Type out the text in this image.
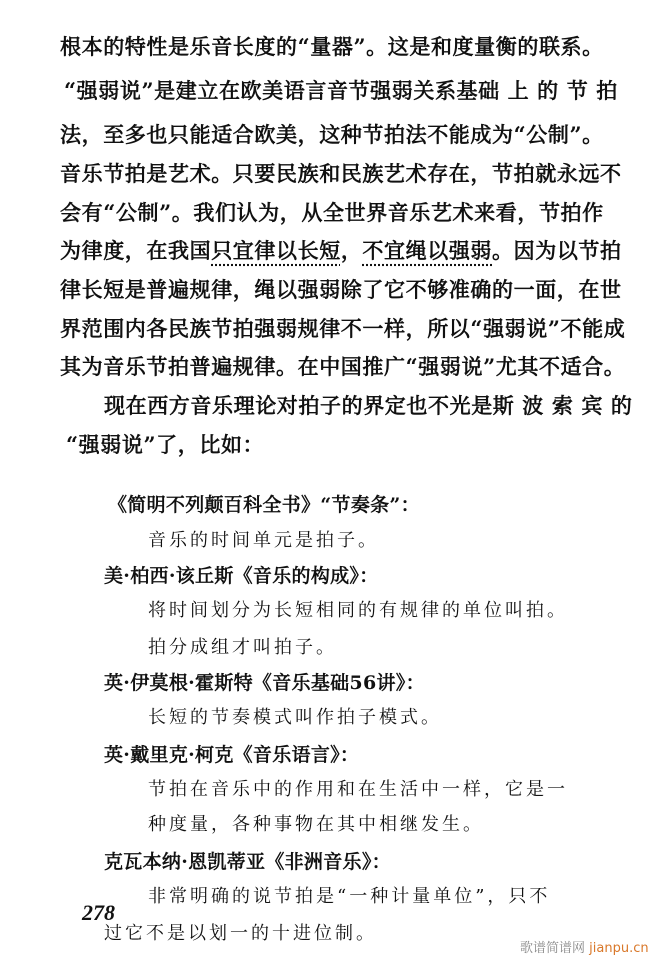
根本的特性是乐音长度的“量器”。这是和度量衡的联系。
“强弱说”是建立在欧美语言音节强弱关系基础 上 的 节 拍
法，至多也只能适合欧美，这种节拍法不能成为“公制”。
音乐节拍是艺术。只要民族和民族艺术存在，节拍就永远不
会有“公制”。我们认为，从全世界音乐艺术来看，节拍作
为律度，在我国只宜律以长短，不宜绳以强弱。因为以节拍
律长短是普遍规律，绳以强弱除了它不够准确的一面，在世
界范围内各民族节拍强弱规律不一样，所以“强弱说”不能成
其为音乐节拍普遍规律。在中国推广“强弱说”尤其不适合。
现在西方音乐理论对拍子的界定也不光是斯 波 索 宾 的
“强弱说”了，比如：
《简明不列颠百科全书》“节奏条”：
音乐的时间单元是拍子。
美·柏西·该丘斯《音乐的构成》：
将时间划分为长短相同的有规律的单位叫拍。
拍分成组才叫拍子。
英·伊莫根·霍斯特《音乐基础56讲》：
长短的节奏模式叫作拍子模式。
英·戴里克·柯克《音乐语言》：
节拍在音乐中的作用和在生活中一样，它是一
种度量，各种事物在其中相继发生。
克瓦本纳·恩凯蒂亚《非洲音乐》：
非常明确的说节拍是“一种计量单位”，只不
过它不是以划一的十进位制。
278
歌谱简谱网 jianpu.cn
